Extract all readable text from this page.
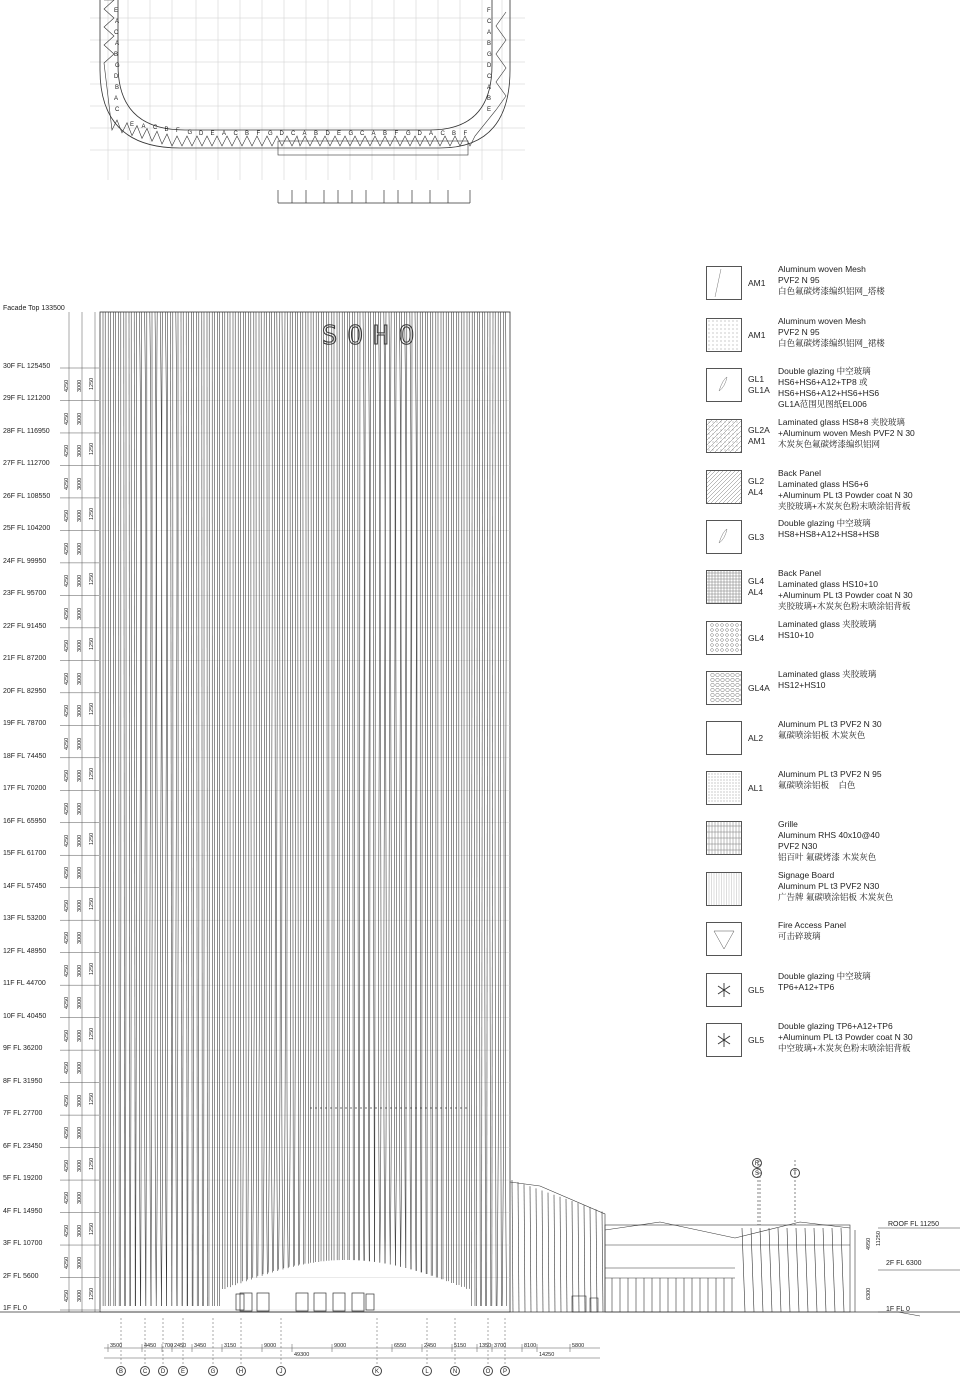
SOHO
Facade Top 133500
30F FL 125450
29F FL 121200
28F FL 116950
27F FL 112700
26F FL 108550
25F FL 104200
24F FL 99950
23F FL 95700
22F FL 91450
21F FL 87200
20F FL 82950
19F FL 78700
18F FL 74450
17F FL 70200
16F FL 65950
15F FL 61700
14F FL 57450
13F FL 53200
12F FL 48950
11F FL 44700
10F FL 40450
9F FL 36200
8F FL 31950
7F FL 27700
6F FL 23450
5F FL 19200
4F FL 14950
3F FL 10700
2F FL 5600
1F FL 0
ROOF FL 11250
2F FL 6300
1F FL 0
4950 11250
6300
4250 3000 1250
4250 3000
4250 3000 1250
4250 3000
4250 3000 1250
4250 3000
4250 3000 1250
4250 3000
4250 3000 1250
4250 3000
4250 3000 1250
4250 3000
4250 3000 1250
4250 3000
4250 3000 1250
4250 3000
4250 3000 1250
4250 3000
4250 3000 1250
4250 3000
4250 3000 1250
4250 3000
4250 3000 1250
4250 3000
4250 3000 1250
4250 3000
4250 3000 1250
4250 3000
4250 3000 1250
3500	4450 700 2450 3450	3150	9000
49300
9000	6550	2450	5150 1350 3700	8100
14250
5800
B	C	D	E	G	H	J	K	L	N	O	P
R
S	T
E
A
C
A
B
G
D
B
A
C
F
C
A
B
G
D
C
A
B
E
E A C B F G D E A C B F G D C A B D E G C A B F G D A C B F
AM1
Aluminum woven Mesh
PVF2 N 95
白色氟碳烤漆编织铝网_塔楼
AM1
Aluminum woven Mesh
PVF2 N 95
白色氟碳烤漆编织铝网_裙楼
GL1
GL1A
Double glazing 中空玻璃
HS6+HS6+A12+TP8 或
HS6+HS6+A12+HS6+HS6
GL1A范围见图纸EL006
GL2A
AM1
Laminated glass HS8+8 夹胶玻璃
+Aluminum woven Mesh PVF2 N 30
木炭灰色氟碳烤漆编织铝网
GL2
AL4
Back Panel
Laminated glass HS6+6
+Aluminum PL t3 Powder coat N 30
夹胶玻璃+木炭灰色粉末喷涂铝背板
GL3
Double glazing 中空玻璃
HS8+HS8+A12+HS8+HS8
GL4
AL4
Back Panel
Laminated glass HS10+10
+Aluminum PL t3 Powder coat N 30
夹胶玻璃+木炭灰色粉末喷涂铝背板
GL4
Laminated glass 夹胶玻璃
HS10+10
GL4A
Laminated glass 夹胶玻璃
HS12+HS10
AL2
Aluminum PL t3 PVF2 N 30
氟碳喷涂铝板 木炭灰色
AL1
Aluminum PL t3 PVF2 N 95
氟碳喷涂铝板    白色
Grille
Aluminum RHS 40x10@40
PVF2 N30
铝百叶 氟碳烤漆 木炭灰色
Signage Board
Aluminum PL t3 PVF2 N30
广告牌 氟碳喷涂铝板 木炭灰色
Fire Access Panel
可击碎玻璃
GL5
Double glazing 中空玻璃
TP6+A12+TP6
GL5
Double glazing TP6+A12+TP6
+Aluminum PL t3 Powder coat N 30
中空玻璃+木炭灰色粉末喷涂铝背板
